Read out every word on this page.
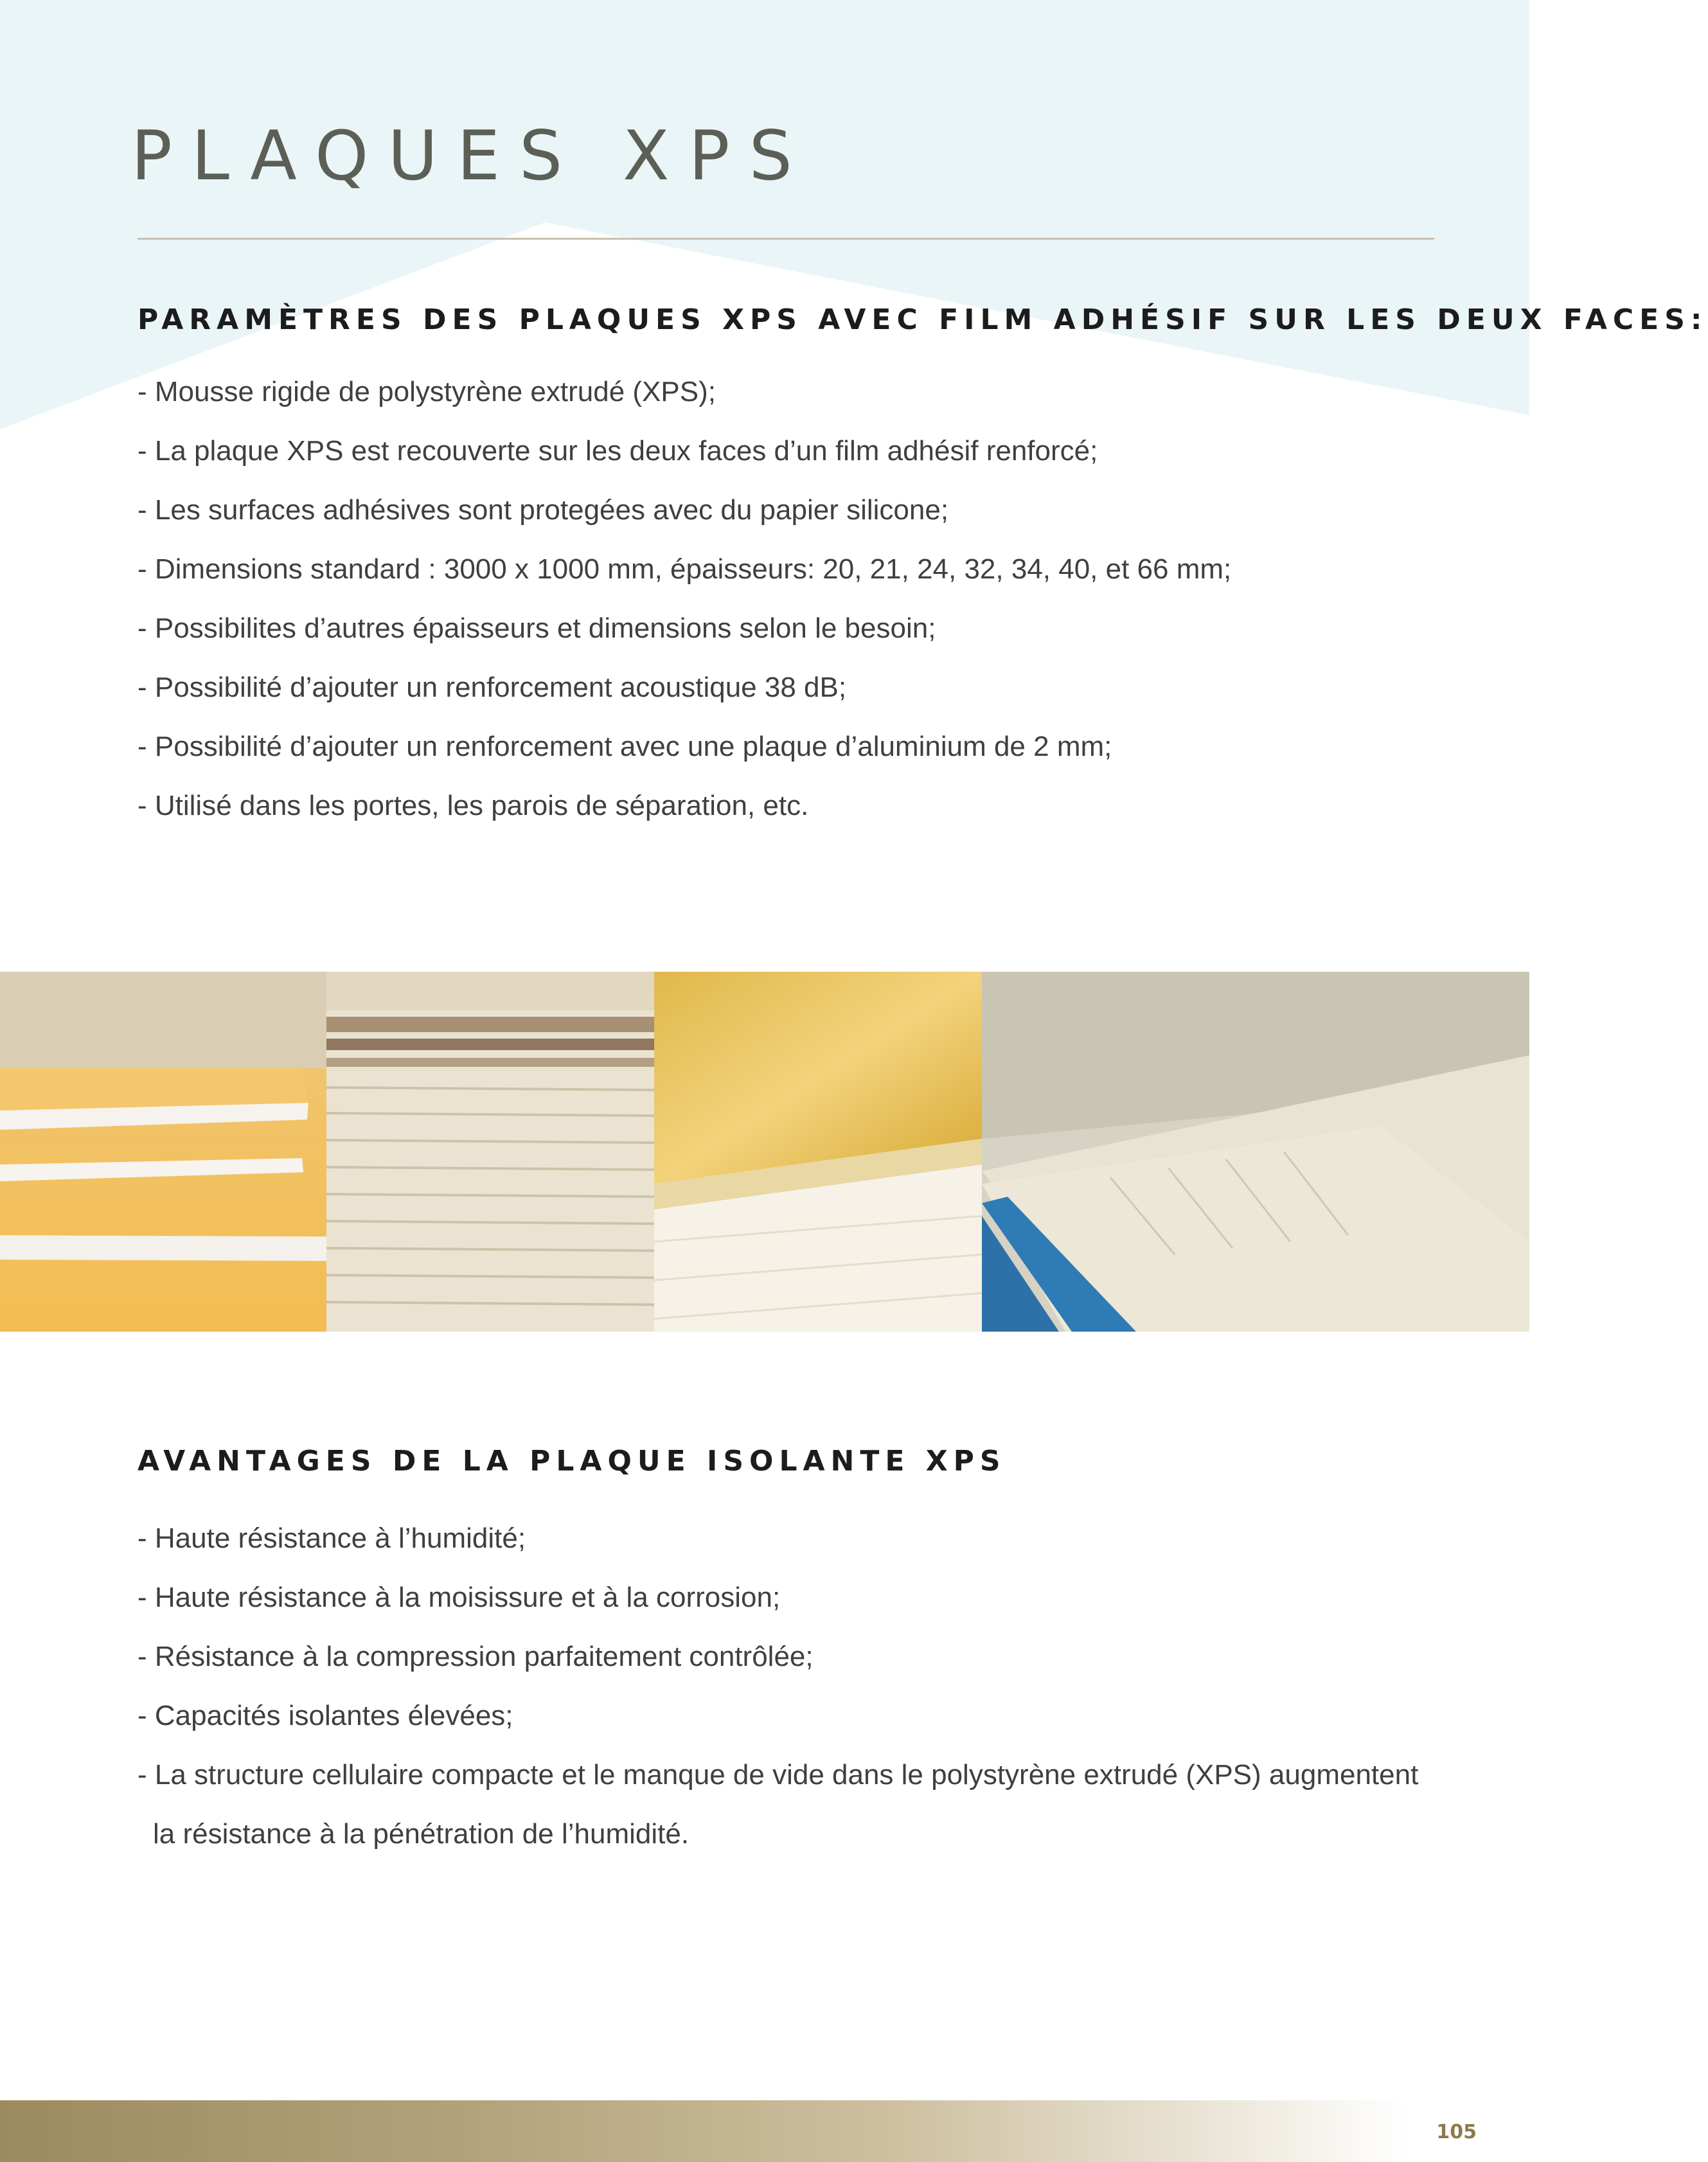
PLAQUES XPS
PARAMÈTRES DES PLAQUES XPS AVEC FILM ADHÉSIF SUR LES DEUX FACES:
- Mousse rigide de polystyrène extrudé (XPS);
- La plaque XPS est recouverte sur les deux faces d’un film adhésif renforcé;
- Les surfaces adhésives sont protegées avec du papier silicone;
- Dimensions standard : 3000 x 1000 mm, épaisseurs: 20, 21, 24, 32, 34, 40, et 66 mm;
- Possibilites d’autres épaisseurs et dimensions selon le besoin;
- Possibilité d’ajouter un renforcement acoustique 38 dB;
- Possibilité d’ajouter un renforcement avec une plaque d’aluminium de 2 mm;
- Utilisé dans les portes, les parois de séparation, etc.
AVANTAGES DE LA PLAQUE ISOLANTE XPS
- Haute résistance à l’humidité;
- Haute résistance à la moisissure et à la corrosion;
- Résistance à la compression parfaitement contrôlée;
- Capacités isolantes élevées;
- La structure cellulaire compacte et le manque de vide dans le polystyrène extrudé (XPS) augmentent
la résistance à la pénétration de l’humidité.
105
